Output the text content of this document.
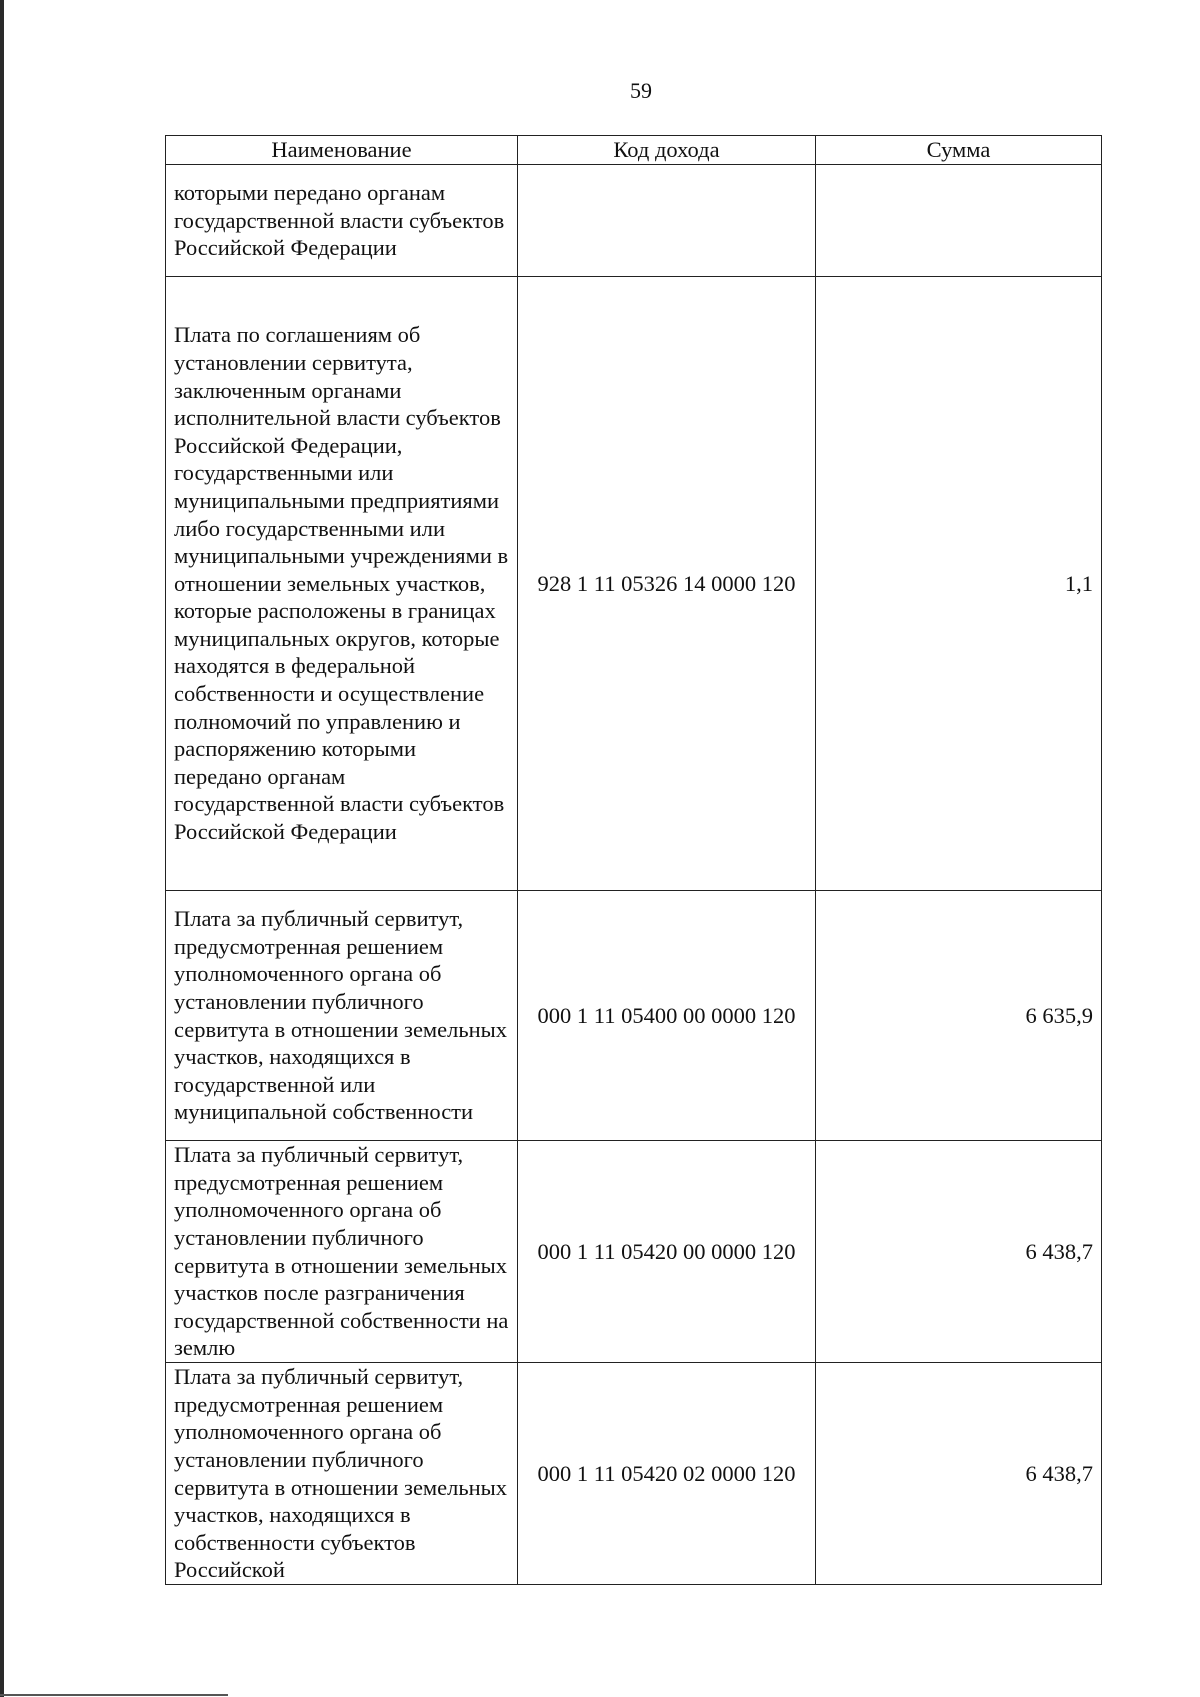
59
Наименование	Код дохода	Сумма
которыми передано органам государственной власти субъектов Российской Федерации		
Плата по соглашениям об установлении сервитута, заключенным органами исполнительной власти субъектов Российской Федерации, государственными или муниципальными предприятиями либо государственными или муниципальными учреждениями в отношении земельных участков, которые расположены в границах муниципальных округов, которые находятся в федеральной собственности и осуществление полномочий по управлению и распоряжению которыми передано органам государственной власти субъектов Российской Федерации	928 1 11 05326 14 0000 120	1,1
Плата за публичный сервитут, предусмотренная решением уполномоченного органа об установлении публичного сервитута в отношении земельных участков, находящихся в государственной или муниципальной собственности	000 1 11 05400 00 0000 120	6 635,9
Плата за публичный сервитут, предусмотренная решением уполномоченного органа об установлении публичного сервитута в отношении земельных участков после разграничения государственной собственности на землю	000 1 11 05420 00 0000 120	6 438,7
Плата за публичный сервитут, предусмотренная решением уполномоченного органа об установлении публичного сервитута в отношении земельных участков, находящихся в собственности субъектов Российской	000 1 11 05420 02 0000 120	6 438,7
